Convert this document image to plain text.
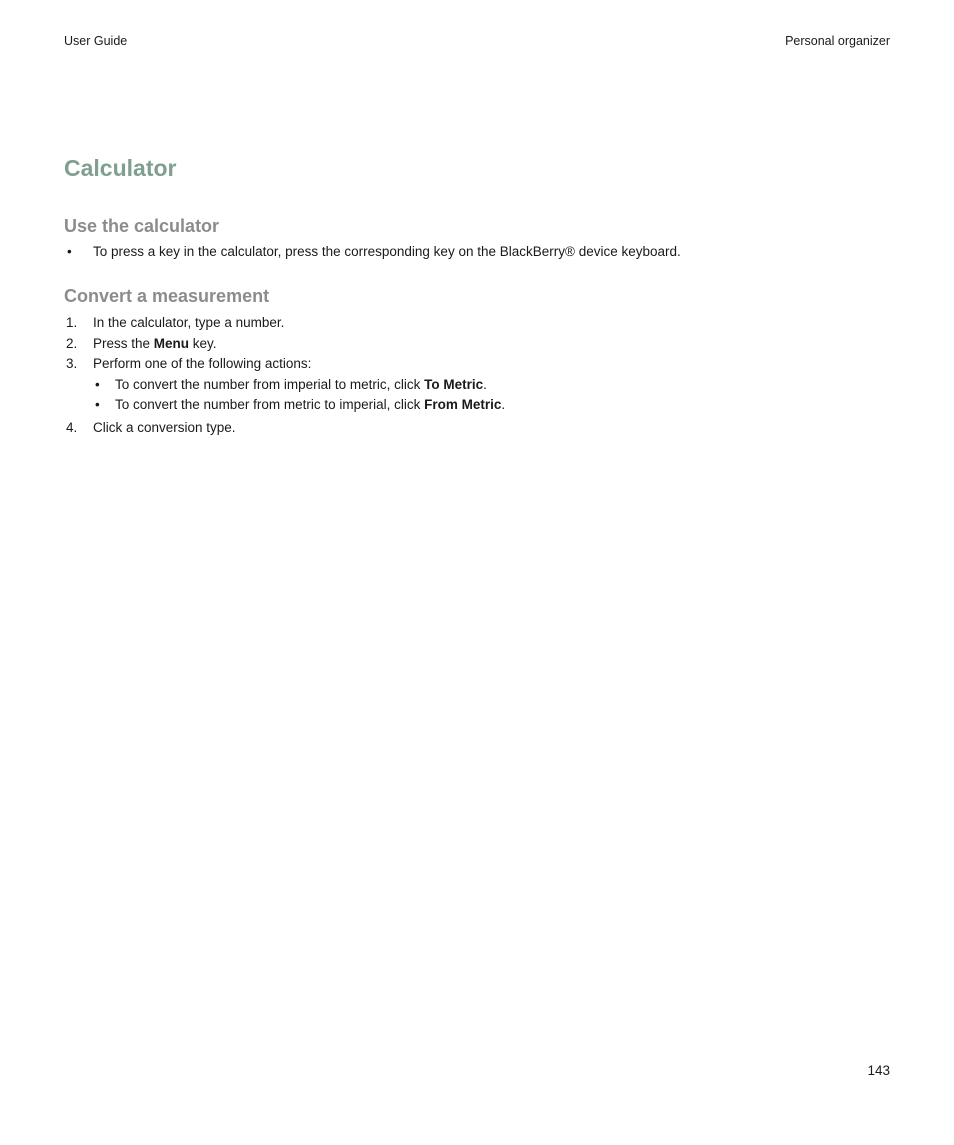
User Guide	Personal organizer
Calculator
Use the calculator
• To press a key in the calculator, press the corresponding key on the BlackBerry® device keyboard.
Convert a measurement
1. In the calculator, type a number.
2. Press the Menu key.
3. Perform one of the following actions:
• To convert the number from imperial to metric, click To Metric.
• To convert the number from metric to imperial, click From Metric.
4. Click a conversion type.
143
